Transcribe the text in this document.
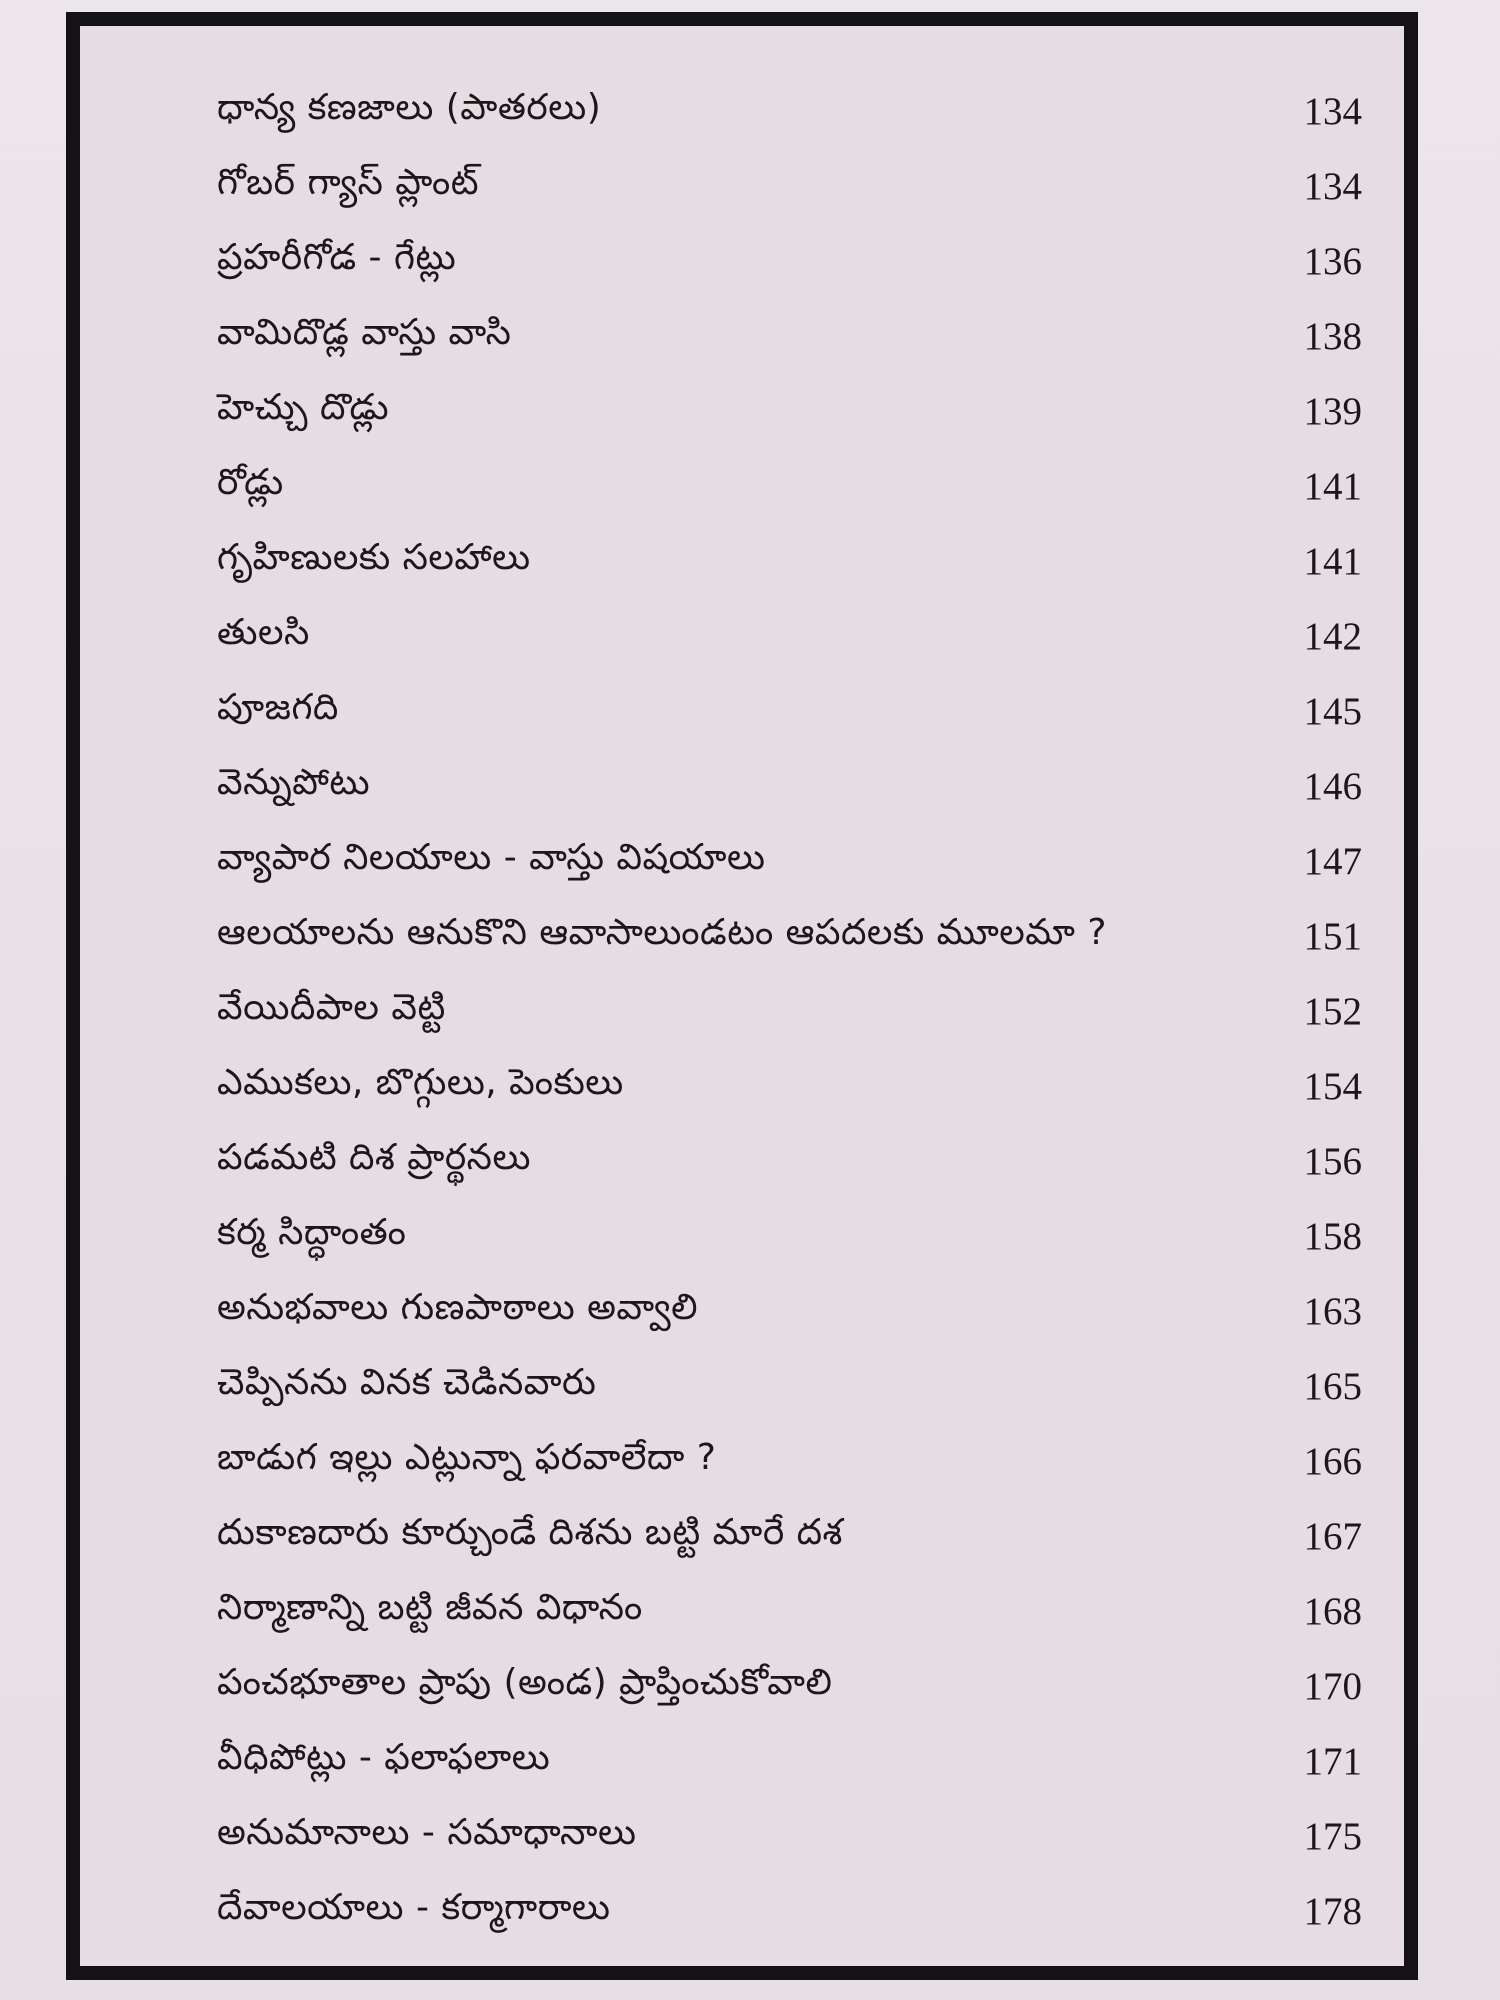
ధాన్య కణజాలు (పాతరలు)	134
గోబర్ గ్యాస్ ప్లాంట్	134
ప్రహరీగోడ - గేట్లు	136
వామిదొడ్ల వాస్తు వాసి	138
హెచ్చు దొడ్లు	139
రోడ్లు	141
గృహిణులకు సలహాలు	141
తులసి	142
పూజగది	145
వెన్నుపోటు	146
వ్యాపార నిలయాలు - వాస్తు విషయాలు	147
ఆలయాలను ఆనుకొని ఆవాసాలుండటం ఆపదలకు మూలమా ?	151
వేయిదీపాల వెట్టి	152
ఎముకలు, బొగ్గులు, పెంకులు	154
పడమటి దిశ ప్రార్థనలు	156
కర్మ సిద్ధాంతం	158
అనుభవాలు గుణపాఠాలు అవ్వాలి	163
చెప్పినను వినక చెడినవారు	165
బాడుగ ఇల్లు ఎట్లున్నా ఫరవాలేదా ?	166
దుకాణదారు కూర్చుండే దిశను బట్టి మారే దశ	167
నిర్మాణాన్ని బట్టి జీవన విధానం	168
పంచభూతాల ప్రాపు (అండ) ప్రాప్తించుకోవాలి	170
వీధిపోట్లు - ఫలాఫలాలు	171
అనుమానాలు - సమాధానాలు	175
దేవాలయాలు - కర్మాగారాలు	178
